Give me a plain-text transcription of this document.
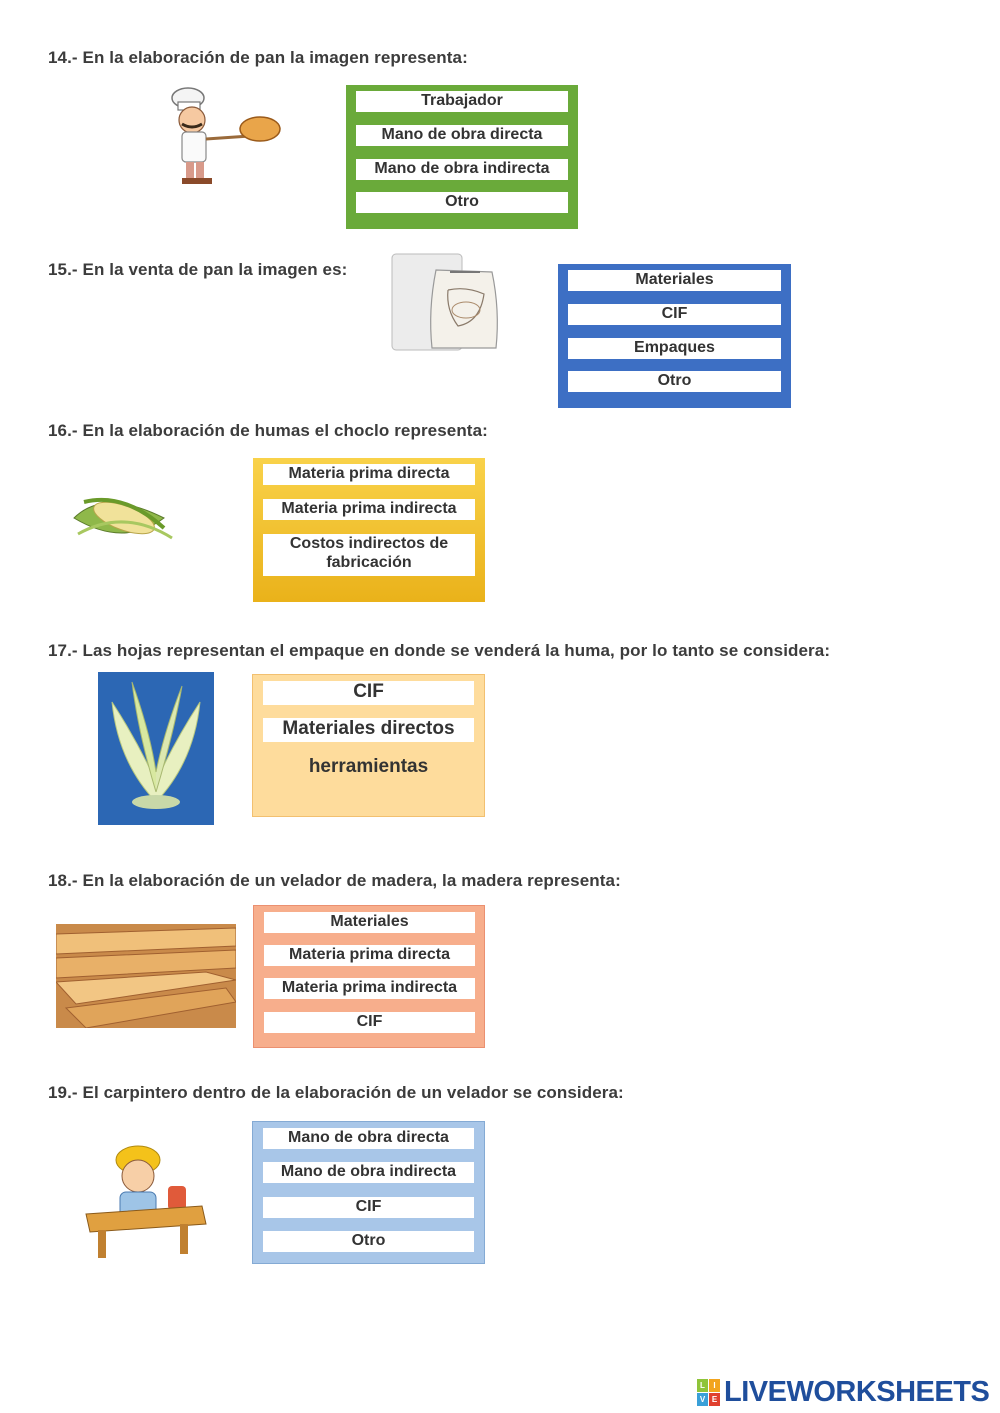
14.- En la elaboración de pan la imagen representa:
Trabajador
Mano de obra directa
Mano de obra indirecta
Otro
15.- En la venta de pan la imagen es:
Materiales
CIF
Empaques
Otro
16.- En la elaboración de humas el choclo representa:
Materia prima directa
Materia prima indirecta
Costos indirectos de fabricación
17.- Las hojas representan el empaque en donde se venderá la huma, por lo tanto se considera:
CIF
Materiales directos
herramientas
18.- En la elaboración de un velador de madera, la madera representa:
Materiales
Materia prima directa
Materia prima indirecta
CIF
19.- El carpintero dentro de la elaboración de un velador se considera:
Mano de obra directa
Mano de obra indirecta
CIF
Otro
L	I
V E LIVEWORKSHEETS
